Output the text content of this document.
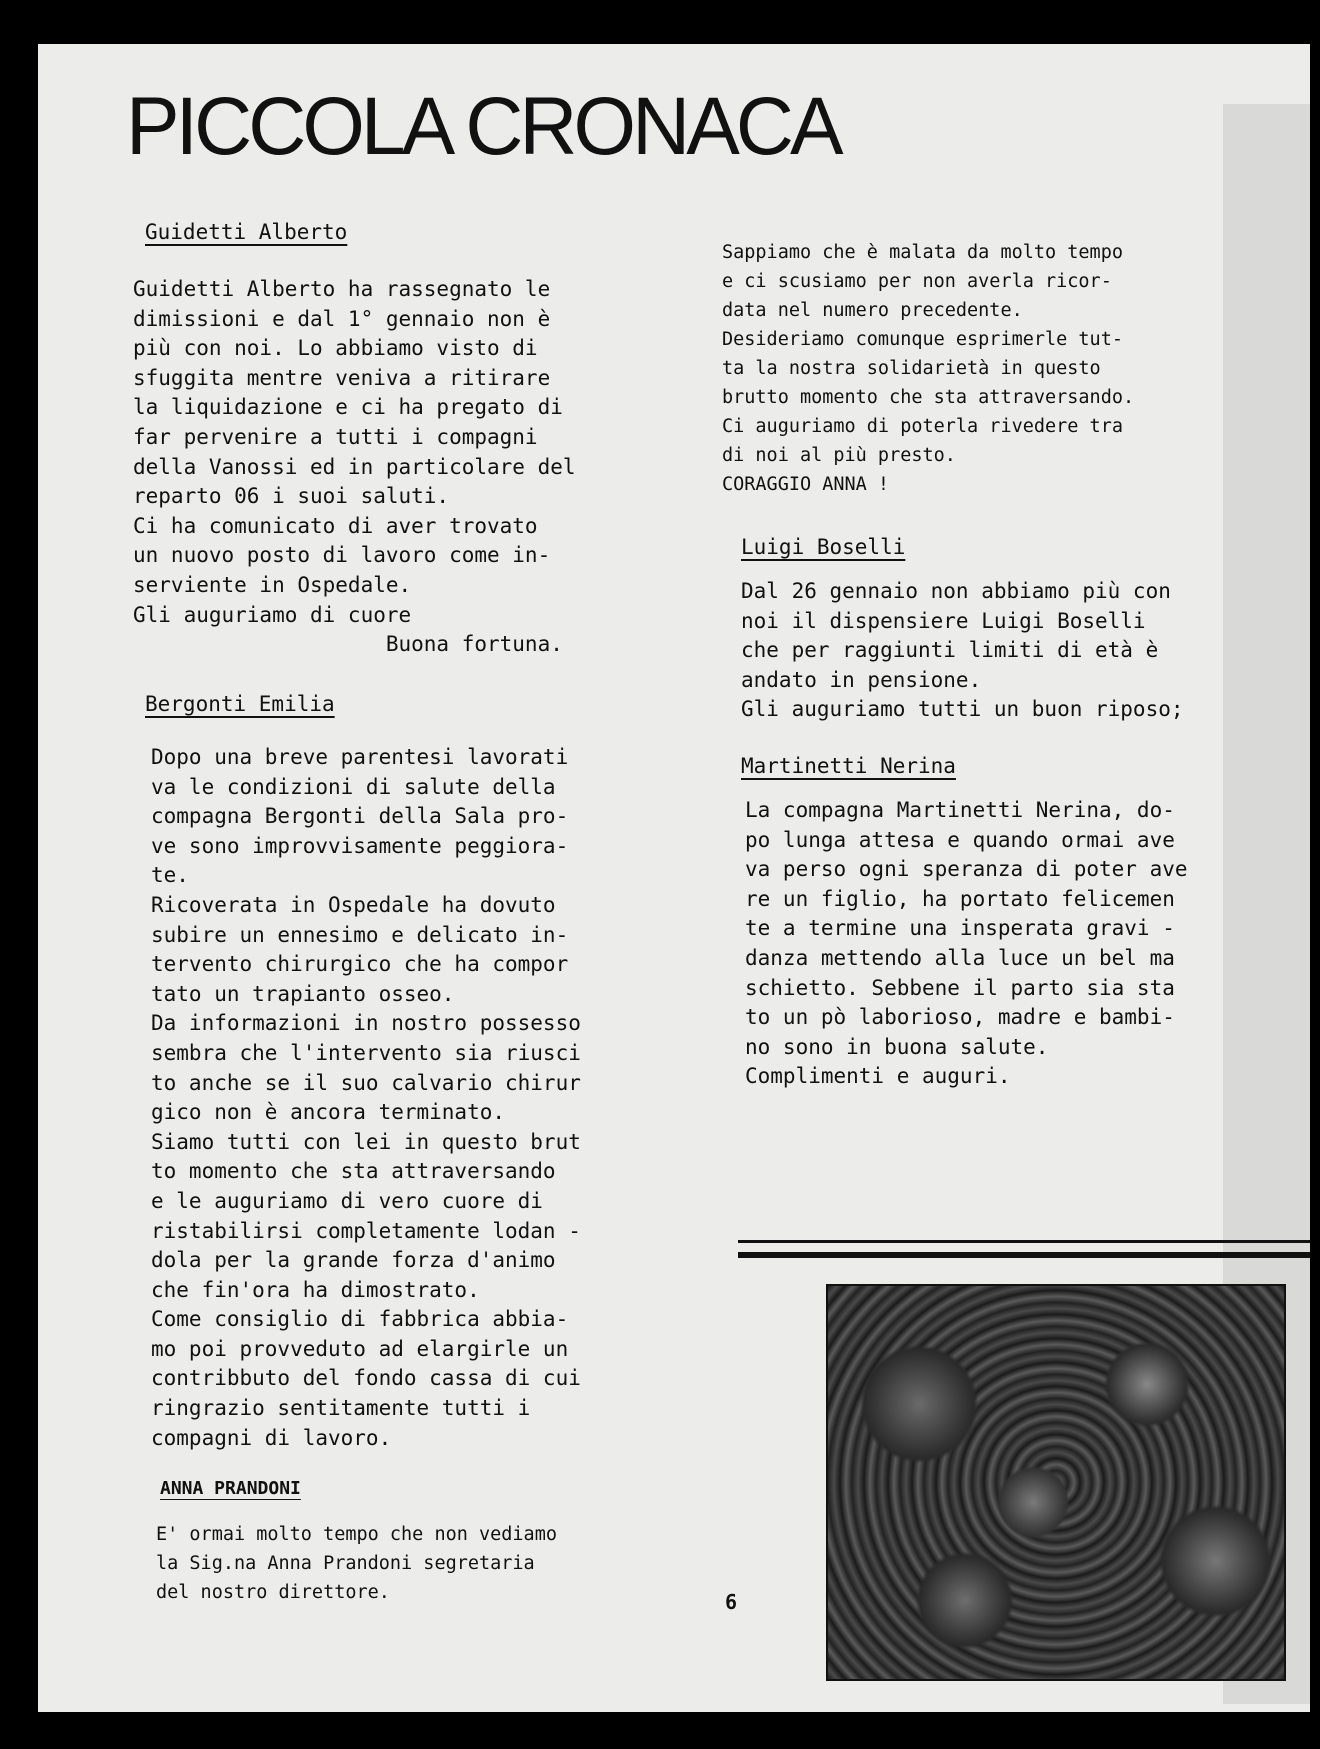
PICCOLA CRONACA
Guidetti Alberto
Guidetti Alberto ha rassegnato le
dimissioni e dal 1° gennaio non è
più con noi. Lo abbiamo visto di
sfuggita mentre veniva a ritirare
la liquidazione e ci ha pregato di
far pervenire a tutti i compagni
della Vanossi ed in particolare del
reparto 06 i suoi saluti.
Ci ha comunicato di aver trovato
un nuovo posto di lavoro come in-
serviente in Ospedale.
Gli auguriamo di cuore
Buona fortuna.
Bergonti Emilia
Dopo una breve parentesi lavorati
va le condizioni di salute della
compagna Bergonti della Sala pro-
ve sono improvvisamente peggiora-
te.
Ricoverata in Ospedale ha dovuto
subire un ennesimo e delicato in-
tervento chirurgico che ha compor
tato un trapianto osseo.
Da informazioni in nostro possesso
sembra che l'intervento sia riusci
to anche se il suo calvario chirur
gico non è ancora terminato.
Siamo tutti con lei in questo brut
to momento che sta attraversando
e le auguriamo di vero cuore di
ristabilirsi completamente lodan -
dola per la grande forza d'animo
che fin'ora ha dimostrato.
Come consiglio di fabbrica abbia-
mo poi provveduto ad elargirle un
contribbuto del fondo cassa di cui
ringrazio sentitamente tutti i
compagni di lavoro.
ANNA PRANDONI
E' ormai molto tempo che non vediamo
la Sig.na Anna Prandoni segretaria
del nostro direttore.	6
Sappiamo che è malata da molto tempo
e ci scusiamo per non averla ricor-
data nel numero precedente.
Desideriamo comunque esprimerle tut-
ta la nostra solidarietà in questo
brutto momento che sta attraversando.
Ci auguriamo di poterla rivedere tra
di noi al più presto.
CORAGGIO ANNA !
Luigi Boselli
Dal 26 gennaio non abbiamo più con
noi il dispensiere Luigi Boselli
che per raggiunti limiti di età è
andato in pensione.
Gli auguriamo tutti un buon riposo;
Martinetti Nerina
La compagna Martinetti Nerina, do-
po lunga attesa e quando ormai ave
va perso ogni speranza di poter ave
re un figlio, ha portato felicemen
te a termine una insperata gravi -
danza mettendo alla luce un bel ma
schietto. Sebbene il parto sia sta
to un pò laborioso, madre e bambi-
no sono in buona salute.
Complimenti e auguri.
